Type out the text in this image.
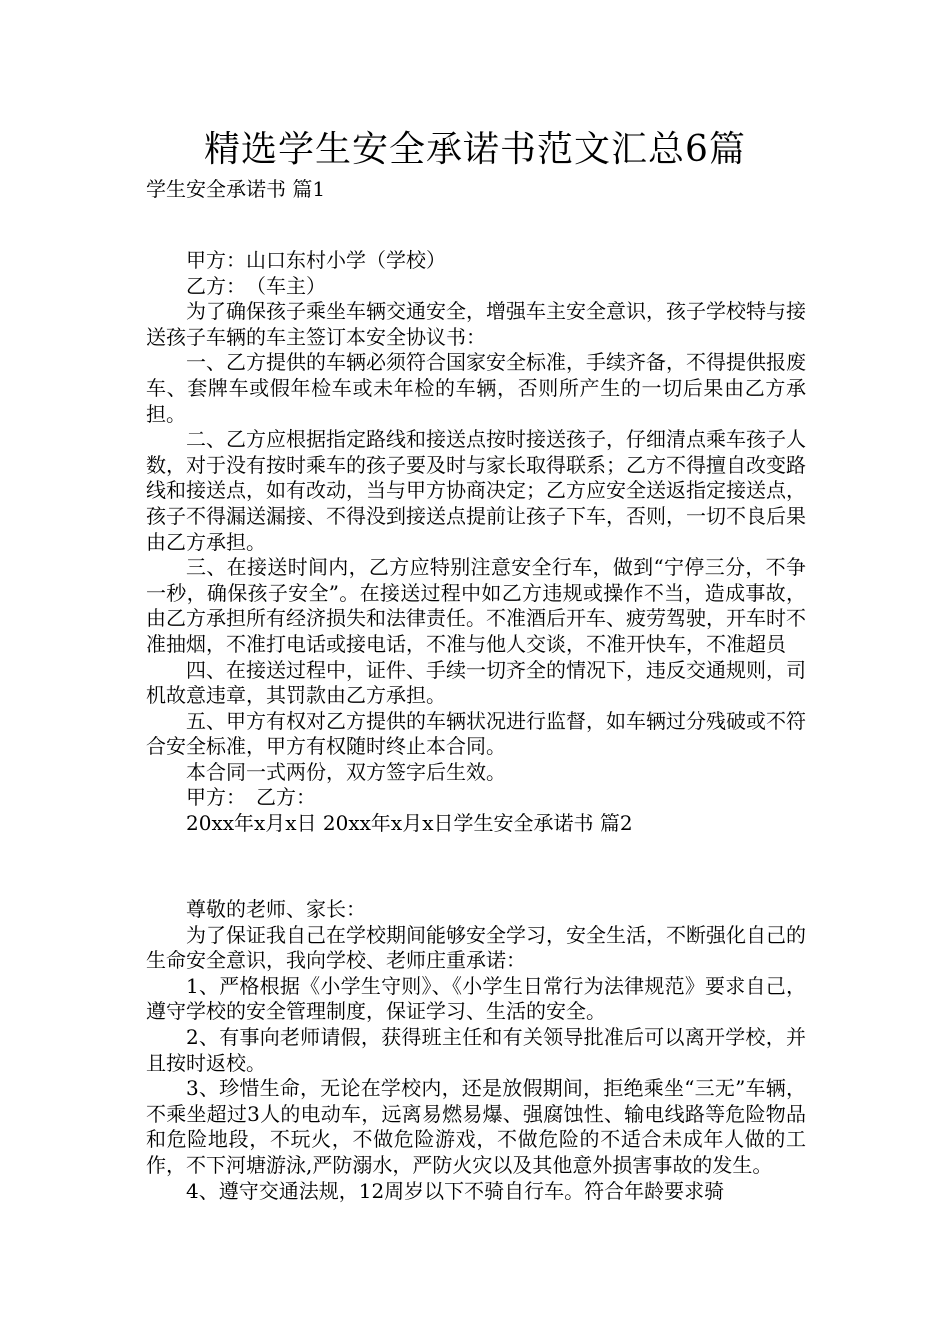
精选学生安全承诺书范文汇总6篇
学生安全承诺书 篇1

甲方：山口东村小学（学校）

乙方：　（车主）

为了确保孩子乘坐车辆交通安全，增强车主安全意识，孩子学校特与接送孩子车辆的车主签订本安全协议书：

一、乙方提供的车辆必须符合国家安全标准，手续齐备，不得提供报废车、套牌车或假年检车或未年检的车辆，否则所产生的一切后果由乙方承担。

二、乙方应根据指定路线和接送点按时接送孩子，仔细清点乘车孩子人数，对于没有按时乘车的孩子要及时与家长取得联系；乙方不得擅自改变路线和接送点，如有改动，当与甲方协商决定；乙方应安全送返指定接送点，孩子不得漏送漏接、不得没到接送点提前让孩子下车，否则，一切不良后果由乙方承担。

三、在接送时间内，乙方应特别注意安全行车，做到“宁停三分，不争一秒，确保孩子安全”。在接送过程中如乙方违规或操作不当，造成事故，由乙方承担所有经济损失和法律责任。不准酒后开车、疲劳驾驶，开车时不准抽烟，不准打电话或接电话，不准与他人交谈，不准开快车，不准超员

四、在接送过程中，证件、手续一切齐全的情况下，违反交通规则，司机故意违章，其罚款由乙方承担。

五、甲方有权对乙方提供的车辆状况进行监督，如车辆过分残破或不符合安全标准，甲方有权随时终止本合同。

本合同一式两份，双方签字后生效。

甲方：　乙方：

20xx年x月x日 20xx年x月x日学生安全承诺书 篇2

尊敬的老师、家长：

为了保证我自己在学校期间能够安全学习，安全生活，不断强化自己的生命安全意识，我向学校、老师庄重承诺：

1、严格根据《小学生守则》、《小学生日常行为法律规范》要求自己，遵守学校的安全管理制度，保证学习、生活的安全。

2、有事向老师请假，获得班主任和有关领导批准后可以离开学校，并且按时返校。

3、珍惜生命，无论在学校内，还是放假期间，拒绝乘坐“三无”车辆，不乘坐超过3人的电动车，远离易燃易爆、强腐蚀性、输电线路等危险物品和危险地段，不玩火，不做危险游戏，不做危险的不适合未成年人做的工作，不下河塘游泳,严防溺水，严防火灾以及其他意外损害事故的发生。

4、遵守交通法规，12周岁以下不骑自行车。符合年龄要求骑
